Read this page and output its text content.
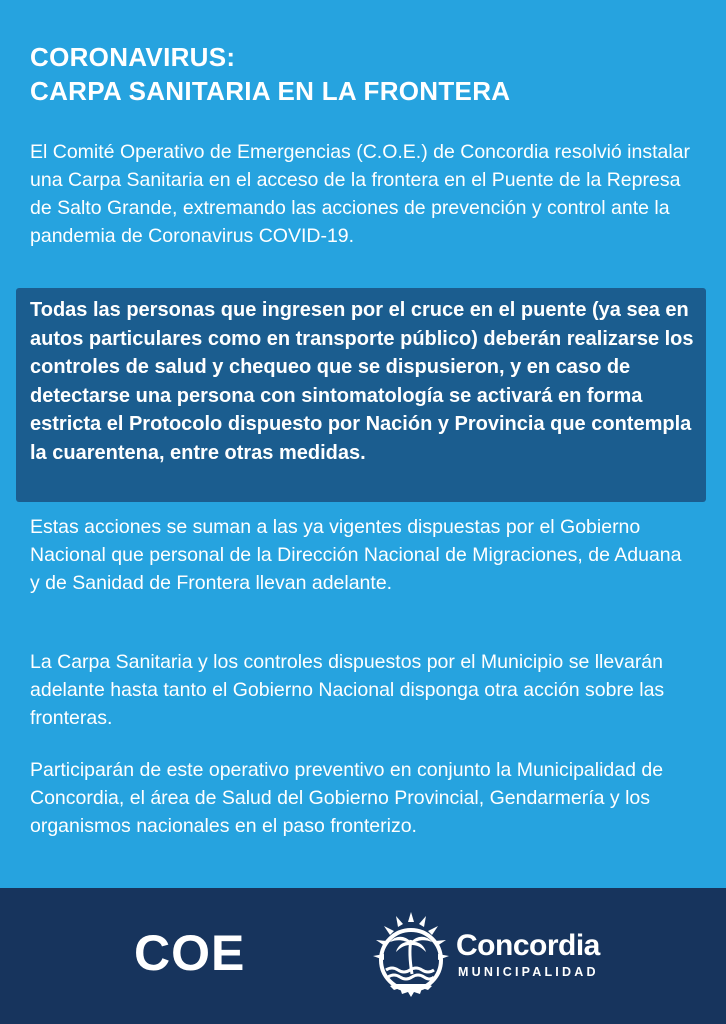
CORONAVIRUS:
CARPA SANITARIA EN LA FRONTERA

El Comité Operativo de Emergencias (C.O.E.) de Concordia resolvió instalar una Carpa Sanitaria en el acceso de la frontera en el Puente de la Represa de Salto Grande, extremando las acciones de prevención y control ante la pandemia de Coronavirus COVID-19.

Todas las personas que ingresen por el cruce en el puente (ya sea en autos particulares como en transporte público) deberán realizarse los controles de salud y chequeo que se dispusieron, y en caso de detectarse una persona con sintomatología se activará en forma estricta el Protocolo dispuesto por Nación y Provincia que contempla la cuarentena, entre otras medidas.

Estas acciones se suman a las ya vigentes dispuestas por el Gobierno Nacional que personal de la Dirección Nacional de Migraciones, de Aduana y de Sanidad de Frontera llevan adelante.

La Carpa Sanitaria y los controles dispuestos por el Municipio se llevarán adelante hasta tanto el Gobierno Nacional disponga otra acción sobre las fronteras.

Participarán de este operativo preventivo en conjunto la Municipalidad de Concordia, el área de Salud del Gobierno Provincial, Gendarmería y los organismos nacionales en el paso fronterizo.

COE	Concordia
MUNICIPALIDAD
